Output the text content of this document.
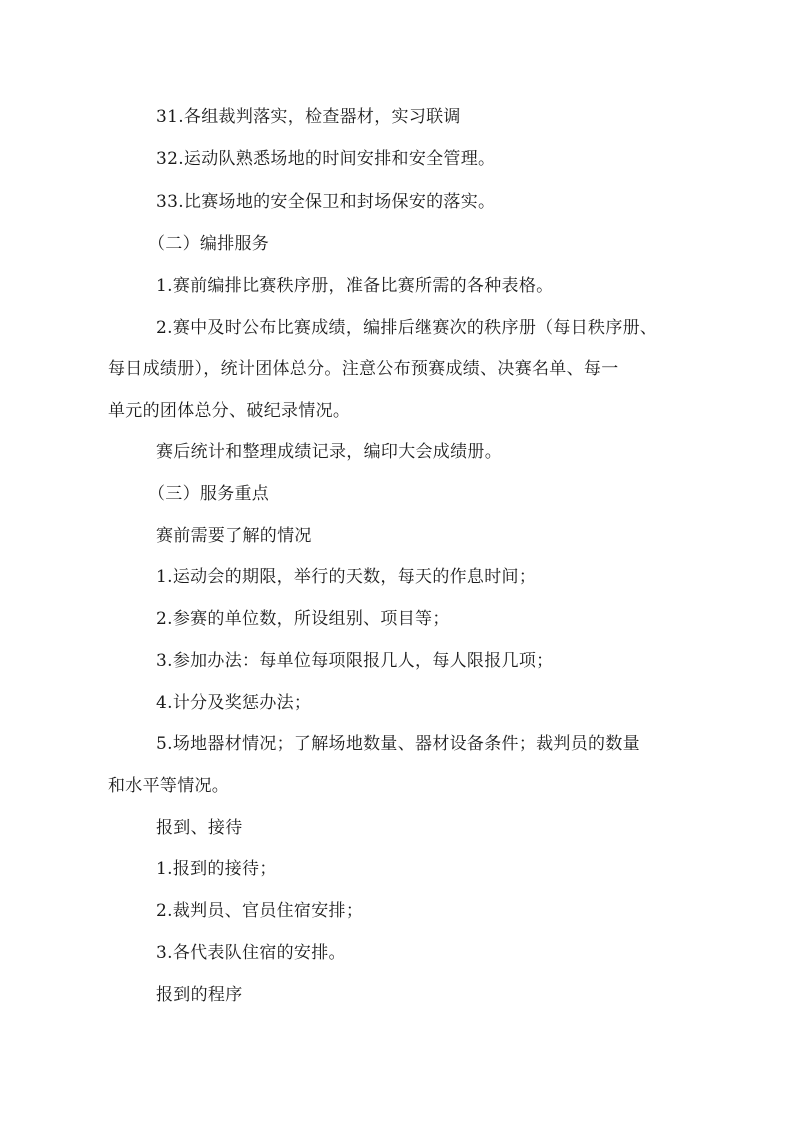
31.各组裁判落实，检查器材，实习联调
32.运动队熟悉场地的时间安排和安全管理。
33.比赛场地的安全保卫和封场保安的落实。
（二）编排服务
1.赛前编排比赛秩序册，准备比赛所需的各种表格。
2.赛中及时公布比赛成绩，编排后继赛次的秩序册（每日秩序册、
每日成绩册），统计团体总分。注意公布预赛成绩、决赛名单、每一
单元的团体总分、破纪录情况。
赛后统计和整理成绩记录，编印大会成绩册。
（三）服务重点
赛前需要了解的情况
1.运动会的期限，举行的天数，每天的作息时间；
2.参赛的单位数，所设组别、项目等；
3.参加办法：每单位每项限报几人，每人限报几项；
4.计分及奖惩办法；
5.场地器材情况；了解场地数量、器材设备条件；裁判员的数量
和水平等情况。
报到、接待
1.报到的接待；
2.裁判员、官员住宿安排；
3.各代表队住宿的安排。
报到的程序
